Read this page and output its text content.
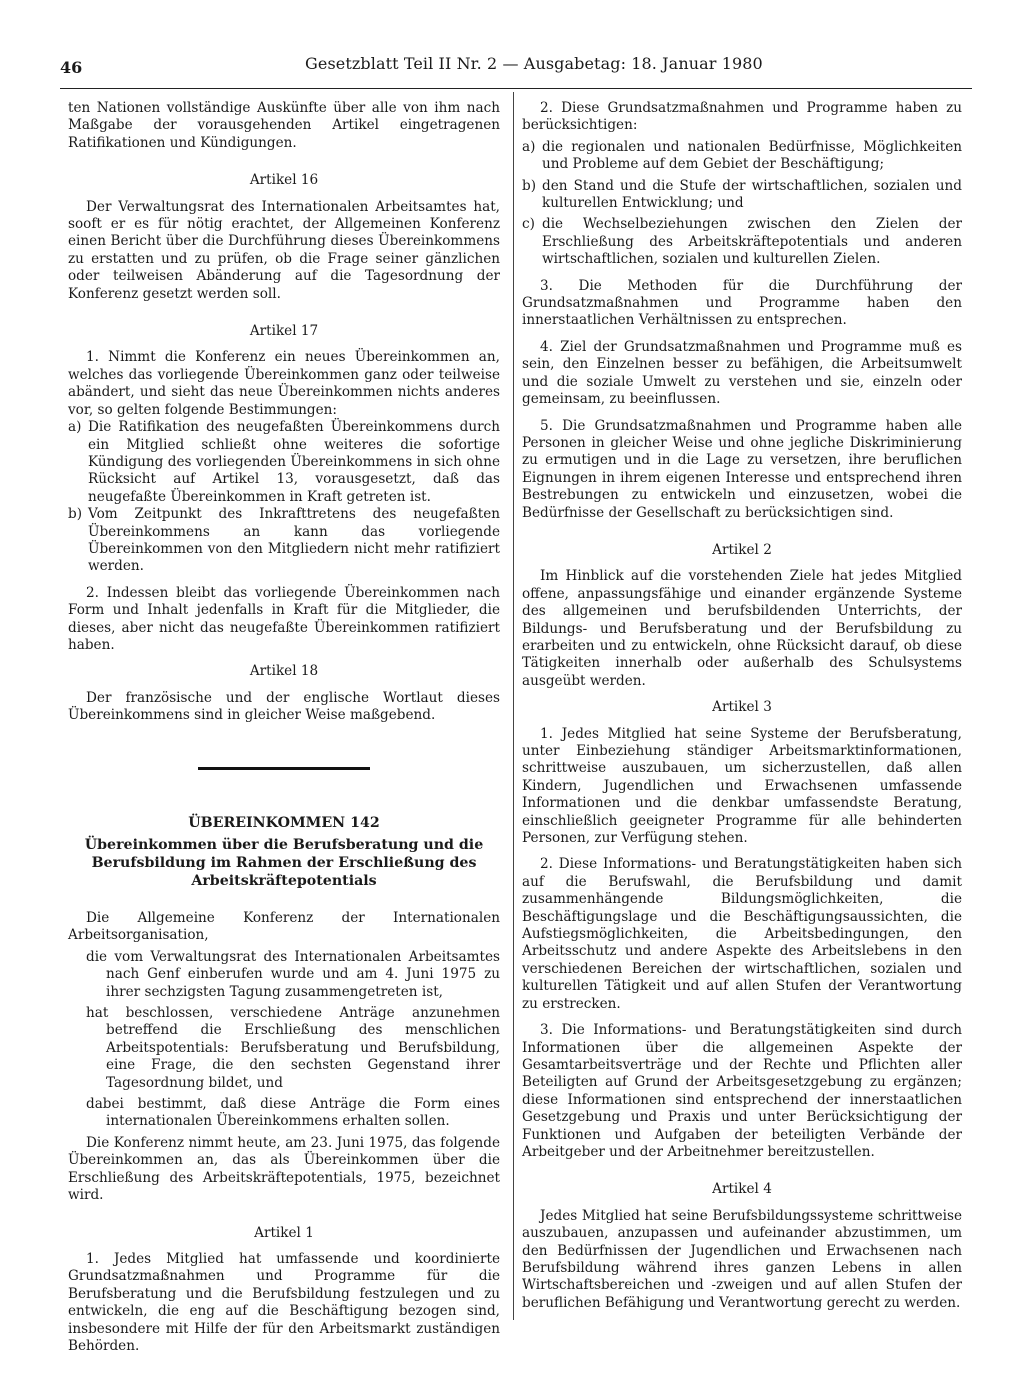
46	Gesetzblatt Teil II Nr. 2 — Ausgabetag: 18. Januar 1980

ten Nationen vollständige Auskünfte über alle von ihm nach Maßgabe der vorausgehenden Artikel eingetragenen Ratifikationen und Kündigungen.

Artikel 16

Der Verwaltungsrat des Internationalen Arbeitsamtes hat, sooft er es für nötig erachtet, der Allgemeinen Konferenz einen Bericht über die Durchführung dieses Übereinkommens zu erstatten und zu prüfen, ob die Frage seiner gänzlichen oder teilweisen Abänderung auf die Tagesordnung der Konferenz gesetzt werden soll.

Artikel 17

1. Nimmt die Konferenz ein neues Übereinkommen an, welches das vorliegende Übereinkommen ganz oder teilweise abändert, und sieht das neue Übereinkommen nichts anderes vor, so gelten folgende Bestimmungen:

a) Die Ratifikation des neugefaßten Übereinkommens durch ein Mitglied schließt ohne weiteres die sofortige Kündigung des vorliegenden Übereinkommens in sich ohne Rücksicht auf Artikel 13, vorausgesetzt, daß das neugefaßte Übereinkommen in Kraft getreten ist.
b) Vom Zeitpunkt des Inkrafttretens des neugefaßten Übereinkommens an kann das vorliegende Übereinkommen von den Mitgliedern nicht mehr ratifiziert werden.

2. Indessen bleibt das vorliegende Übereinkommen nach Form und Inhalt jedenfalls in Kraft für die Mitglieder, die dieses, aber nicht das neugefaßte Übereinkommen ratifiziert haben.

Artikel 18

Der französische und der englische Wortlaut dieses Übereinkommens sind in gleicher Weise maßgebend.

ÜBEREINKOMMEN 142

Übereinkommen über die Berufsberatung und die Berufsbildung im Rahmen der Erschließung des Arbeitskräftepotentials

Die Allgemeine Konferenz der Internationalen Arbeitsorganisation,

die vom Verwaltungsrat des Internationalen Arbeitsamtes nach Genf einberufen wurde und am 4. Juni 1975 zu ihrer sechzigsten Tagung zusammengetreten ist,

hat beschlossen, verschiedene Anträge anzunehmen betreffend die Erschließung des menschlichen Arbeitspotentials: Berufsberatung und Berufsbildung, eine Frage, die den sechsten Gegenstand ihrer Tagesordnung bildet, und

dabei bestimmt, daß diese Anträge die Form eines internationalen Übereinkommens erhalten sollen.

Die Konferenz nimmt heute, am 23. Juni 1975, das folgende Übereinkommen an, das als Übereinkommen über die Erschließung des Arbeitskräftepotentials, 1975, bezeichnet wird.

Artikel 1

1. Jedes Mitglied hat umfassende und koordinierte Grundsatzmaßnahmen und Programme für die Berufsberatung und die Berufsbildung festzulegen und zu entwickeln, die eng auf die Beschäftigung bezogen sind, insbesondere mit Hilfe der für den Arbeitsmarkt zuständigen Behörden.

2. Diese Grundsatzmaßnahmen und Programme haben zu berücksichtigen:

a) die regionalen und nationalen Bedürfnisse, Möglichkeiten und Probleme auf dem Gebiet der Beschäftigung;
b) den Stand und die Stufe der wirtschaftlichen, sozialen und kulturellen Entwicklung; und
c) die Wechselbeziehungen zwischen den Zielen der Erschließung des Arbeitskräftepotentials und anderen wirtschaftlichen, sozialen und kulturellen Zielen.

3. Die Methoden für die Durchführung der Grundsatzmaßnahmen und Programme haben den innerstaatlichen Verhältnissen zu entsprechen.

4. Ziel der Grundsatzmaßnahmen und Programme muß es sein, den Einzelnen besser zu befähigen, die Arbeitsumwelt und die soziale Umwelt zu verstehen und sie, einzeln oder gemeinsam, zu beeinflussen.

5. Die Grundsatzmaßnahmen und Programme haben alle Personen in gleicher Weise und ohne jegliche Diskriminierung zu ermutigen und in die Lage zu versetzen, ihre beruflichen Eignungen in ihrem eigenen Interesse und entsprechend ihren Bestrebungen zu entwickeln und einzusetzen, wobei die Bedürfnisse der Gesellschaft zu berücksichtigen sind.

Artikel 2

Im Hinblick auf die vorstehenden Ziele hat jedes Mitglied offene, anpassungsfähige und einander ergänzende Systeme des allgemeinen und berufsbildenden Unterrichts, der Bildungs- und Berufsberatung und der Berufsbildung zu erarbeiten und zu entwickeln, ohne Rücksicht darauf, ob diese Tätigkeiten innerhalb oder außerhalb des Schulsystems ausgeübt werden.

Artikel 3

1. Jedes Mitglied hat seine Systeme der Berufsberatung, unter Einbeziehung ständiger Arbeitsmarktinformationen, schrittweise auszubauen, um sicherzustellen, daß allen Kindern, Jugendlichen und Erwachsenen umfassende Informationen und die denkbar umfassendste Beratung, einschließlich geeigneter Programme für alle behinderten Personen, zur Verfügung stehen.

2. Diese Informations- und Beratungstätigkeiten haben sich auf die Berufswahl, die Berufsbildung und damit zusammenhängende Bildungsmöglichkeiten, die Beschäftigungslage und die Beschäftigungsaussichten, die Aufstiegsmöglichkeiten, die Arbeitsbedingungen, den Arbeitsschutz und andere Aspekte des Arbeitslebens in den verschiedenen Bereichen der wirtschaftlichen, sozialen und kulturellen Tätigkeit und auf allen Stufen der Verantwortung zu erstrecken.

3. Die Informations- und Beratungstätigkeiten sind durch Informationen über die allgemeinen Aspekte der Gesamtarbeitsverträge und der Rechte und Pflichten aller Beteiligten auf Grund der Arbeitsgesetzgebung zu ergänzen; diese Informationen sind entsprechend der innerstaatlichen Gesetzgebung und Praxis und unter Berücksichtigung der Funktionen und Aufgaben der beteiligten Verbände der Arbeitgeber und der Arbeitnehmer bereitzustellen.

Artikel 4

Jedes Mitglied hat seine Berufsbildungssysteme schrittweise auszubauen, anzupassen und aufeinander abzustimmen, um den Bedürfnissen der Jugendlichen und Erwachsenen nach Berufsbildung während ihres ganzen Lebens in allen Wirtschaftsbereichen und -zweigen und auf allen Stufen der beruflichen Befähigung und Verantwortung gerecht zu werden.
